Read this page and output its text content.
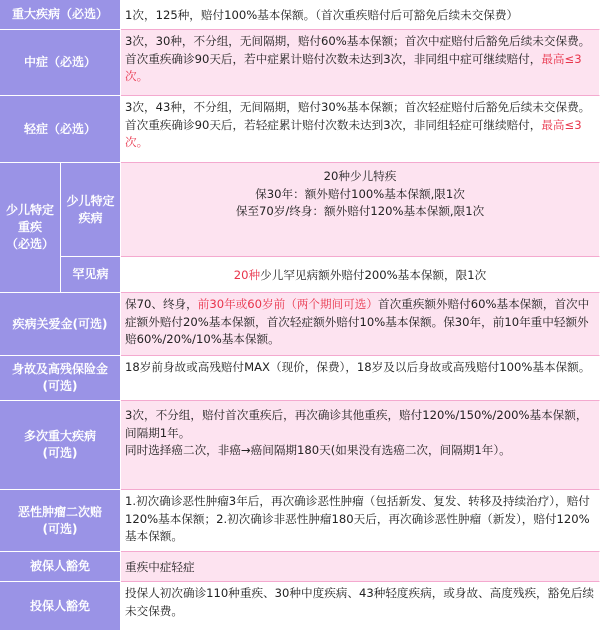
重大疾病（必选） 1次，125种，赔付100%基本保额。（首次重疾赔付后可豁免后续未交保费）
中症（必选）
3次，30种，不分组，无间隔期，赔付60%基本保额；首次中症赔付后豁免后续未交保费。首次重疾确诊90天后，若中症累计赔付次数未达到3次，非同组中症可继续赔付，最高≤3次。
轻症（必选）
3次，43种，不分组，无间隔期，赔付30%基本保额；首次轻症赔付后豁免后续未交保费。首次重疾确诊90天后，若轻症累计赔付次数未达到3次，非同组轻症可继续赔付，最高≤3次。
少儿特定重疾
（必选）
少儿特定
疾病
20种少儿特疾
保30年：额外赔付100%基本保额,限1次
保至70岁/终身：额外赔付120%基本保额,限1次
罕见病	20种少儿罕见病额外赔付200%基本保额，限1次
疾病关爱金(可选)
保70、终身，前30年或60岁前（两个期间可选）首次重疾额外赔付60%基本保额，首次中症额外赔付20%基本保额，首次轻症额外赔付10%基本保额。保30年，前10年重中轻额外赔60%/20%/10%基本保额。
身故及高残保险金
(可选)
18岁前身故或高残赔付MAX（现价，保费），18岁及以后身故或高残赔付100%基本保额。
多次重大疾病
(可选)
3次，不分组，赔付首次重疾后，再次确诊其他重疾，赔付120%/150%/200%基本保额，间隔期1年。
同时选择癌二次，非癌→癌间隔期180天(如果没有选癌二次，间隔期1年）。
恶性肿瘤二次赔
(可选)
1.初次确诊恶性肿瘤3年后，再次确诊恶性肿瘤（包括新发、复发、转移及持续治疗），赔付120%基本保额；2.初次确诊非恶性肿瘤180天后，再次确诊恶性肿瘤（新发），赔付120%基本保额。
被保人豁免	重疾中症轻症
投保人豁免
投保人初次确诊110种重疾、30种中度疾病、43种轻度疾病，或身故、高度残疾，豁免后续未交保费。
